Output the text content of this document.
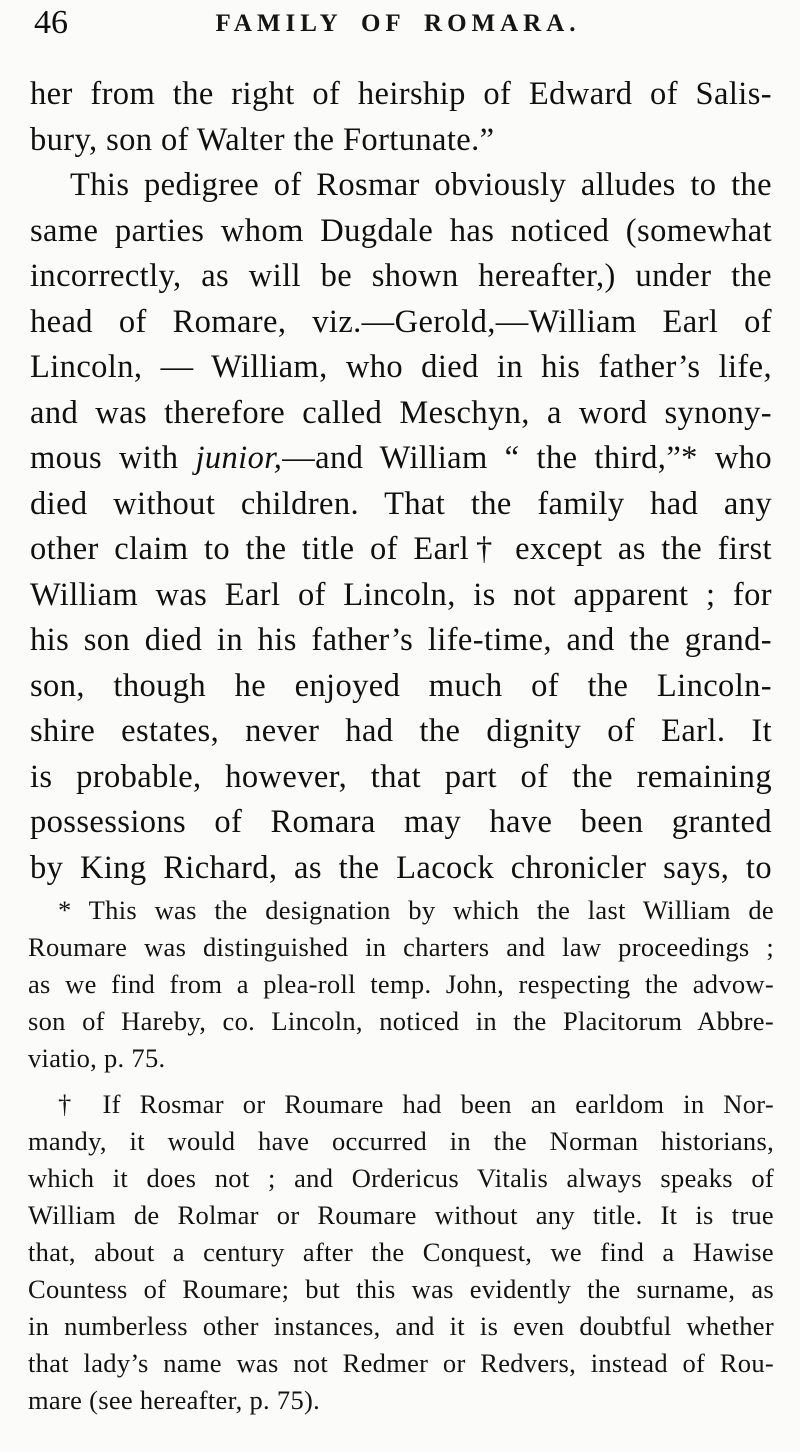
46	FAMILY OF ROMARA.
her from the right of heirship of Edward of Salis-
bury, son of Walter the Fortunate.”
This pedigree of Rosmar obviously alludes to the
same parties whom Dugdale has noticed (somewhat
incorrectly, as will be shown hereafter,) under the
head of Romare, viz.—Gerold,—William Earl of
Lincoln, — William, who died in his father’s life,
and was therefore called Meschyn, a word synony-
mous with junior,—and William “ the third,”* who
died without children. That the family had any
other claim to the title of Earl† except as the first
William was Earl of Lincoln, is not apparent ; for
his son died in his father’s life-time, and the grand-
son, though he enjoyed much of the Lincoln-
shire estates, never had the dignity of Earl. It
is probable, however, that part of the remaining
possessions of Romara may have been granted
by King Richard, as the Lacock chronicler says, to
* This was the designation by which the last William de
Roumare was distinguished in charters and law proceedings ;
as we find from a plea-roll temp. John, respecting the advow-
son of Hareby, co. Lincoln, noticed in the Placitorum Abbre-
viatio, p. 75.
† If Rosmar or Roumare had been an earldom in Nor-
mandy, it would have occurred in the Norman historians,
which it does not ; and Ordericus Vitalis always speaks of
William de Rolmar or Roumare without any title. It is true
that, about a century after the Conquest, we find a Hawise
Countess of Roumare; but this was evidently the surname, as
in numberless other instances, and it is even doubtful whether
that lady’s name was not Redmer or Redvers, instead of Rou-
mare (see hereafter, p. 75).
